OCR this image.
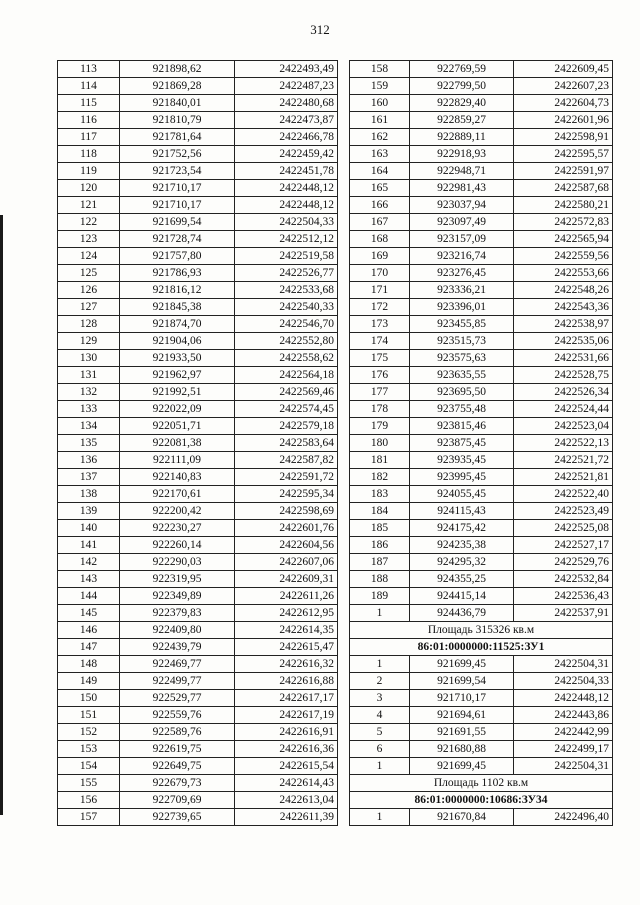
312
113	921898,62	2422493,49
114	921869,28	2422487,23
115	921840,01	2422480,68
116	921810,79	2422473,87
117	921781,64	2422466,78
118	921752,56	2422459,42
119	921723,54	2422451,78
120	921710,17	2422448,12
121	921710,17	2422448,12
122	921699,54	2422504,33
123	921728,74	2422512,12
124	921757,80	2422519,58
125	921786,93	2422526,77
126	921816,12	2422533,68
127	921845,38	2422540,33
128	921874,70	2422546,70
129	921904,06	2422552,80
130	921933,50	2422558,62
131	921962,97	2422564,18
132	921992,51	2422569,46
133	922022,09	2422574,45
134	922051,71	2422579,18
135	922081,38	2422583,64
136	922111,09	2422587,82
137	922140,83	2422591,72
138	922170,61	2422595,34
139	922200,42	2422598,69
140	922230,27	2422601,76
141	922260,14	2422604,56
142	922290,03	2422607,06
143	922319,95	2422609,31
144	922349,89	2422611,26
145	922379,83	2422612,95
146	922409,80	2422614,35
147	922439,79	2422615,47
148	922469,77	2422616,32
149	922499,77	2422616,88
150	922529,77	2422617,17
151	922559,76	2422617,19
152	922589,76	2422616,91
153	922619,75	2422616,36
154	922649,75	2422615,54
155	922679,73	2422614,43
156	922709,69	2422613,04
157	922739,65	2422611,39
158	922769,59	2422609,45
159	922799,50	2422607,23
160	922829,40	2422604,73
161	922859,27	2422601,96
162	922889,11	2422598,91
163	922918,93	2422595,57
164	922948,71	2422591,97
165	922981,43	2422587,68
166	923037,94	2422580,21
167	923097,49	2422572,83
168	923157,09	2422565,94
169	923216,74	2422559,56
170	923276,45	2422553,66
171	923336,21	2422548,26
172	923396,01	2422543,36
173	923455,85	2422538,97
174	923515,73	2422535,06
175	923575,63	2422531,66
176	923635,55	2422528,75
177	923695,50	2422526,34
178	923755,48	2422524,44
179	923815,46	2422523,04
180	923875,45	2422522,13
181	923935,45	2422521,72
182	923995,45	2422521,81
183	924055,45	2422522,40
184	924115,43	2422523,49
185	924175,42	2422525,08
186	924235,38	2422527,17
187	924295,32	2422529,76
188	924355,25	2422532,84
189	924415,14	2422536,43
1	924436,79	2422537,91
Площадь 315326 кв.м		
86:01:0000000:11525:ЗУ1		
1	921699,45	2422504,31
2	921699,54	2422504,33
3	921710,17	2422448,12
4	921694,61	2422443,86
5	921691,55	2422442,99
6	921680,88	2422499,17
1	921699,45	2422504,31
Площадь 1102 кв.м		
86:01:0000000:10686:ЗУ34		
1	921670,84	2422496,40
